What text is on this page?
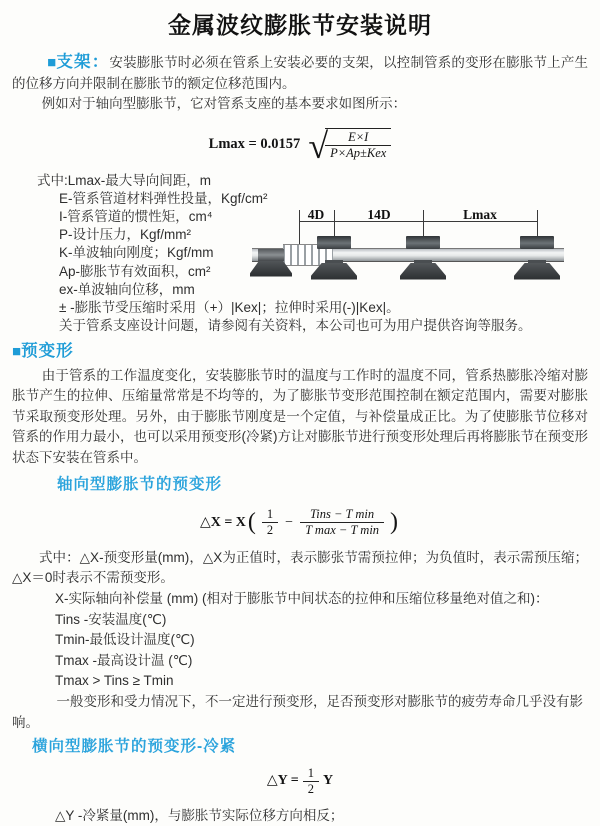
金属波纹膨胀节安装说明

■支架：安装膨胀节时必须在管系上安装必要的支架，以控制管系的变形在膨胀节上产生的位移方向并限制在膨胀节的额定位移范围内。

例如对于轴向型膨胀节，它对管系支座的基本要求如图所示：

Lmax = 0.0157 √
$\frac{E\times I}{\text{P×Ap±Kex}}$

式中:Lmax-最大导向间距，m

E-管系管道材料弹性投量，Kgf/cm²

I-管系管道的惯性矩，cm⁴

P-设计压力，Kgf/mm²

K-单波轴向刚度；Kgf/mm

Ap-膨胀节有效面积，cm²

ex-单波轴向位移，mm

± -膨胀节受压缩时采用（+）|Kex|；拉伸时采用(-)|Kex|。

关于管系支座设计问题，请参阅有关资料，本公司也可为用户提供咨询等服务。

4D	14D	Lmax

■预变形

由于管系的工作温度变化，安装膨胀节时的温度与工作时的温度不同，管系热膨胀冷缩对膨胀节产生的拉伸、压缩量常常是不均等的，为了膨胀节变形范围控制在额定范围内，需要对膨胀节采取预变形处理。另外，由于膨胀节刚度是一个定值，与补偿量成正比。为了使膨胀节位移对管系的作用力最小，也可以采用预变形(冷紧)方让对膨胀节进行预变形处理后再将膨胀节在预变形状态下安装在管系中。

轴向型膨胀节的预变形

△X = X ( $\frac{1}{2} - \frac{\text{Tins − T min}}{\text{T max − T min}}$ )

式中：△X-预变形量(mm)，△X为正值时，表示膨张节需预拉伸；为负值时，表示需预压缩；△X＝0时表示不需预变形。

X-实际轴向补偿量 (mm) (相对于膨胀节中间状态的拉伸和压缩位移量绝对值之和)：

Tins -安装温度(℃)

Tmin-最低设计温度(℃)

Tmax -最高设计温 (℃)

Tmax > Tins ≥ Tmin

一般变形和受力情况下，不一定进行预变形，足否预变形对膨胀节的疲劳寿命几乎没有影响。

横向型膨胀节的预变形-冷紧

△Y = $\frac{1}{2}$ Y

△Y -冷紧量(mm)，与膨胀节实际位移方向相反；
